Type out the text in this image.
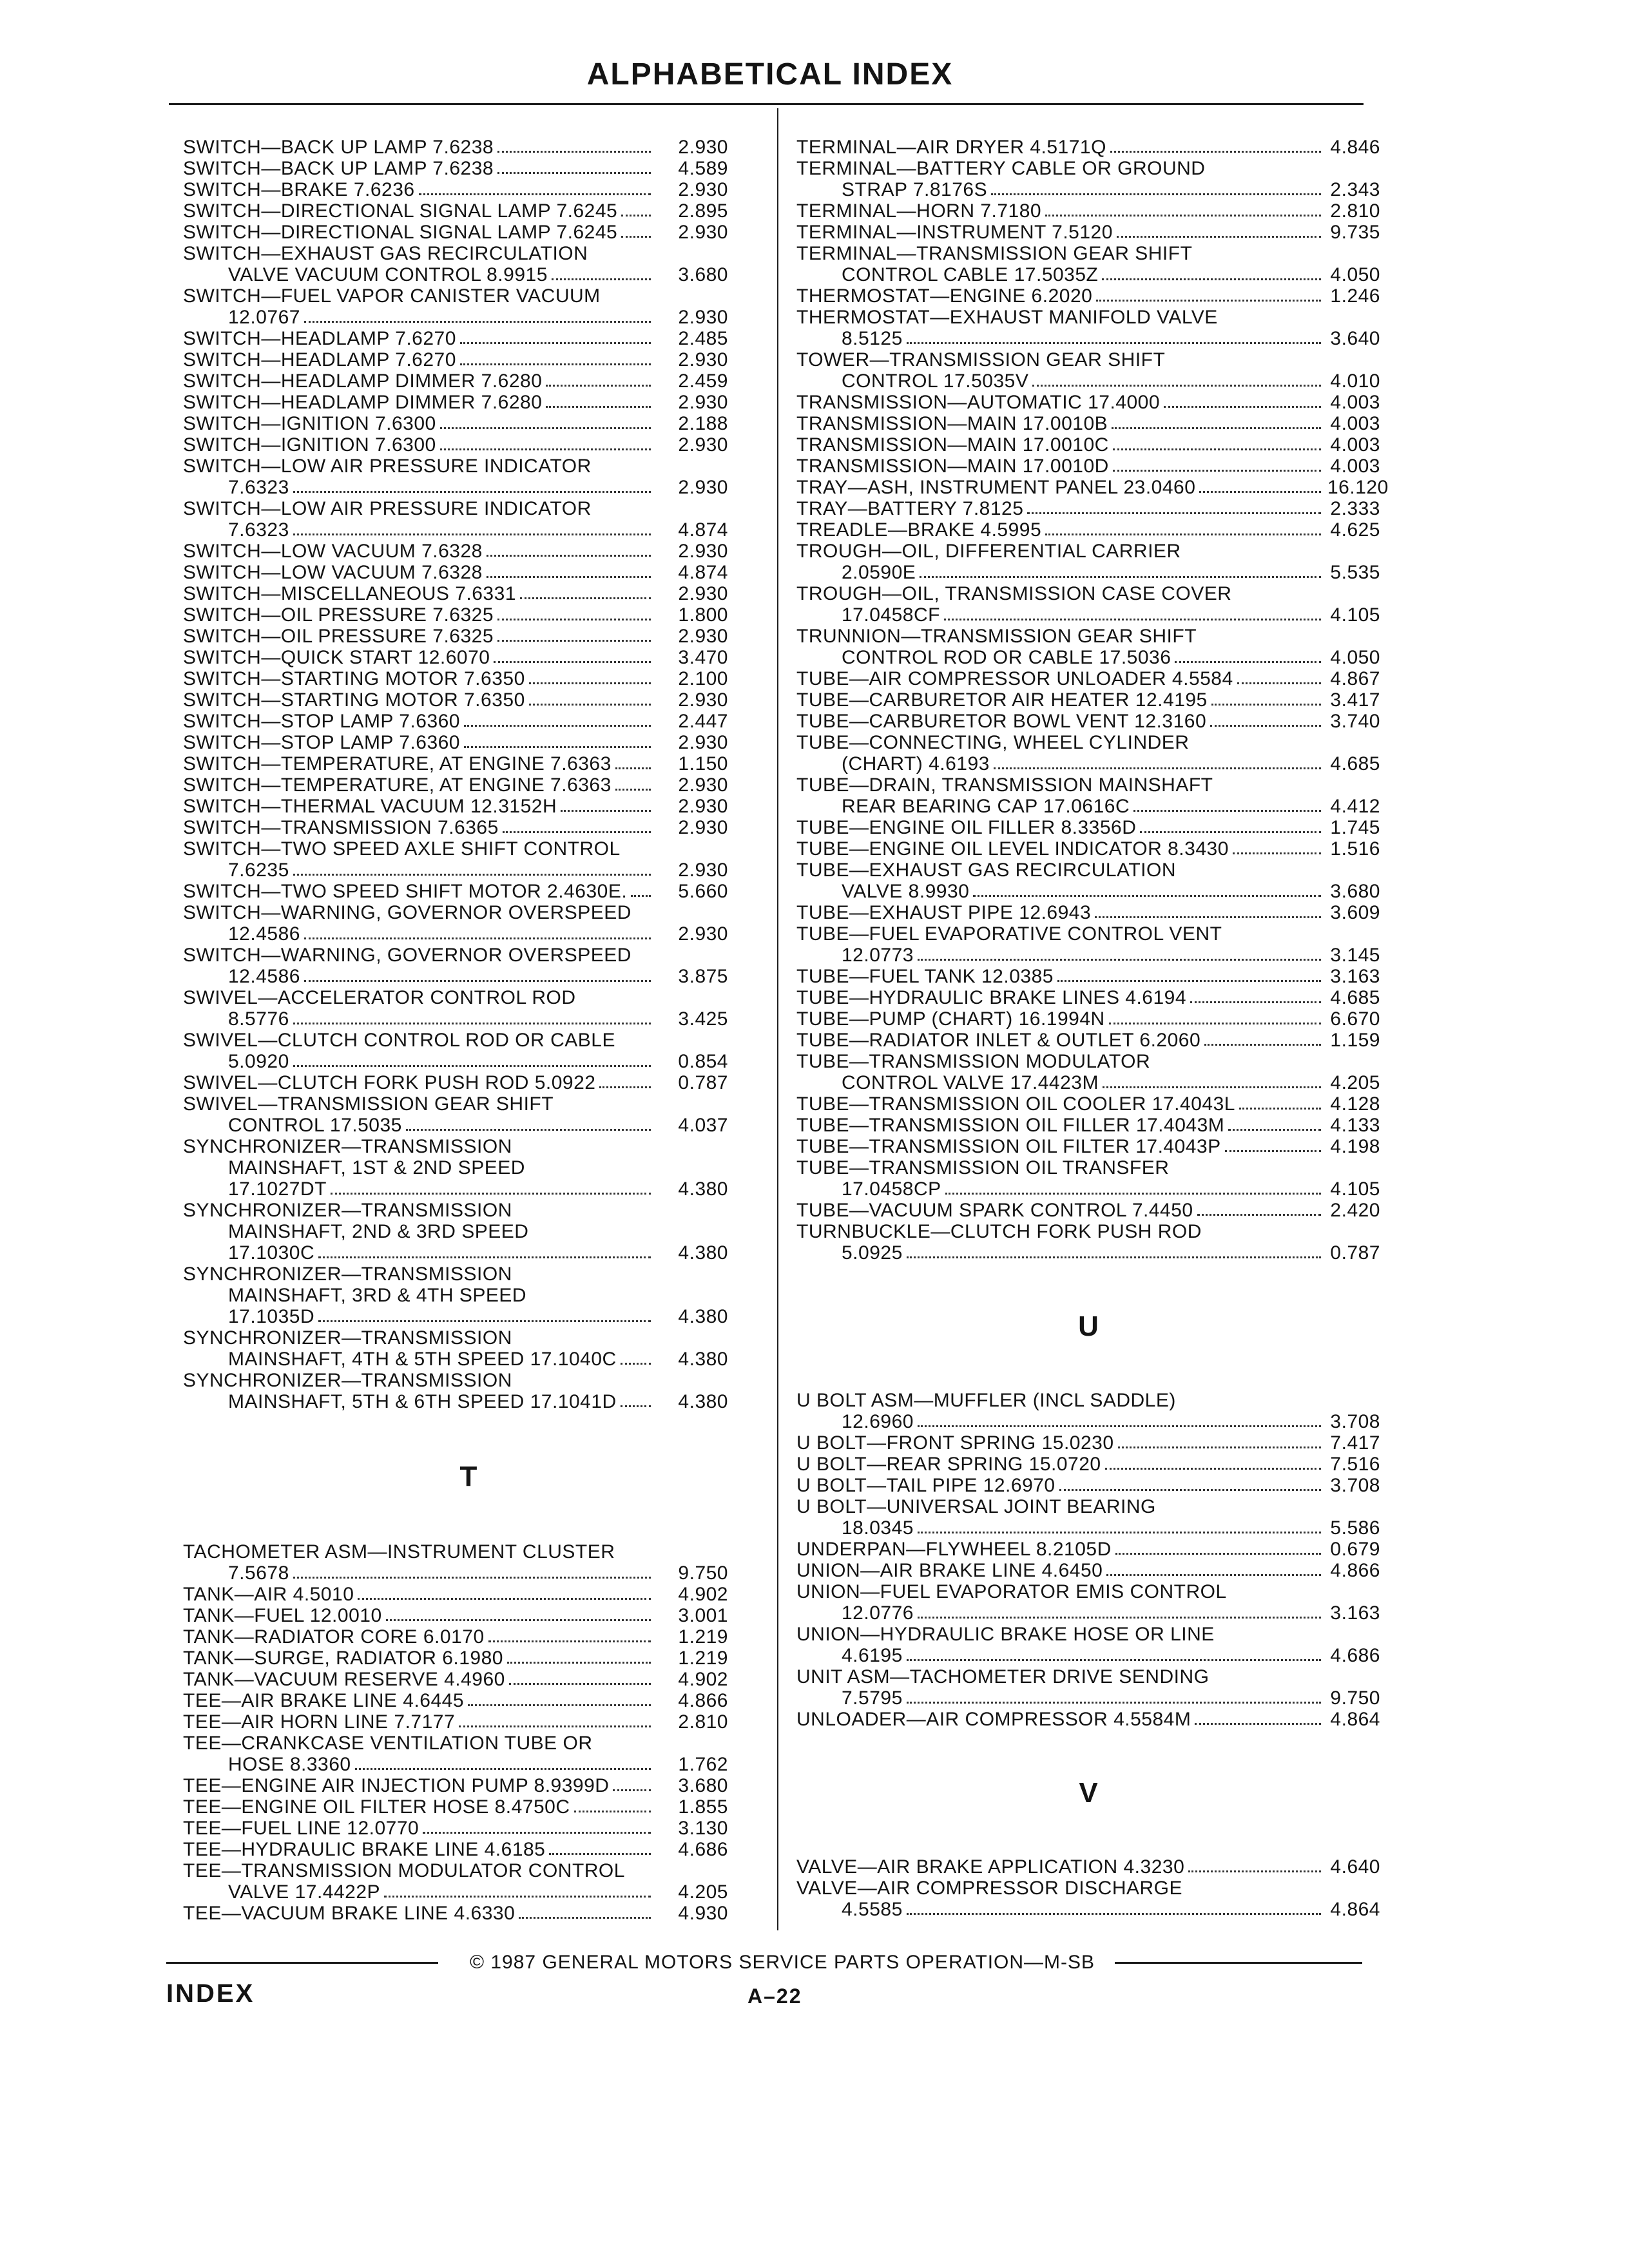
ALPHABETICAL INDEX
SWITCH—BACK UP LAMP 7.6238	2.930
SWITCH—BACK UP LAMP 7.6238	4.589
SWITCH—BRAKE 7.6236	2.930
SWITCH—DIRECTIONAL SIGNAL LAMP 7.6245	2.895
SWITCH—DIRECTIONAL SIGNAL LAMP 7.6245	2.930
SWITCH—EXHAUST GAS RECIRCULATION
VALVE VACUUM CONTROL 8.9915	3.680
SWITCH—FUEL VAPOR CANISTER VACUUM
12.0767	2.930
SWITCH—HEADLAMP 7.6270	2.485
SWITCH—HEADLAMP 7.6270	2.930
SWITCH—HEADLAMP DIMMER 7.6280	2.459
SWITCH—HEADLAMP DIMMER 7.6280	2.930
SWITCH—IGNITION 7.6300	2.188
SWITCH—IGNITION 7.6300	2.930
SWITCH—LOW AIR PRESSURE INDICATOR
7.6323	2.930
SWITCH—LOW AIR PRESSURE INDICATOR
7.6323	4.874
SWITCH—LOW VACUUM 7.6328	2.930
SWITCH—LOW VACUUM 7.6328	4.874
SWITCH—MISCELLANEOUS 7.6331	2.930
SWITCH—OIL PRESSURE 7.6325	1.800
SWITCH—OIL PRESSURE 7.6325	2.930
SWITCH—QUICK START 12.6070	3.470
SWITCH—STARTING MOTOR 7.6350	2.100
SWITCH—STARTING MOTOR 7.6350	2.930
SWITCH—STOP LAMP 7.6360	2.447
SWITCH—STOP LAMP 7.6360	2.930
SWITCH—TEMPERATURE, AT ENGINE 7.6363	1.150
SWITCH—TEMPERATURE, AT ENGINE 7.6363	2.930
SWITCH—THERMAL VACUUM 12.3152H	2.930
SWITCH—TRANSMISSION 7.6365	2.930
SWITCH—TWO SPEED AXLE SHIFT CONTROL
7.6235	2.930
SWITCH—TWO SPEED SHIFT MOTOR 2.4630E.	5.660
SWITCH—WARNING, GOVERNOR OVERSPEED
12.4586	2.930
SWITCH—WARNING, GOVERNOR OVERSPEED
12.4586	3.875
SWIVEL—ACCELERATOR CONTROL ROD
8.5776	3.425
SWIVEL—CLUTCH CONTROL ROD OR CABLE
5.0920	0.854
SWIVEL—CLUTCH FORK PUSH ROD 5.0922	0.787
SWIVEL—TRANSMISSION GEAR SHIFT
CONTROL 17.5035	4.037
SYNCHRONIZER—TRANSMISSION
MAINSHAFT, 1ST & 2ND SPEED
17.1027DT	4.380
SYNCHRONIZER—TRANSMISSION
MAINSHAFT, 2ND & 3RD SPEED
17.1030C	4.380
SYNCHRONIZER—TRANSMISSION
MAINSHAFT, 3RD & 4TH SPEED
17.1035D	4.380
SYNCHRONIZER—TRANSMISSION
MAINSHAFT, 4TH & 5TH SPEED 17.1040C	4.380
SYNCHRONIZER—TRANSMISSION
MAINSHAFT, 5TH & 6TH SPEED 17.1041D	4.380
T
TACHOMETER ASM—INSTRUMENT CLUSTER
7.5678	9.750
TANK—AIR 4.5010	4.902
TANK—FUEL 12.0010	3.001
TANK—RADIATOR CORE 6.0170	1.219
TANK—SURGE, RADIATOR 6.1980	1.219
TANK—VACUUM RESERVE 4.4960	4.902
TEE—AIR BRAKE LINE 4.6445	4.866
TEE—AIR HORN LINE 7.7177	2.810
TEE—CRANKCASE VENTILATION TUBE OR
HOSE 8.3360	1.762
TEE—ENGINE AIR INJECTION PUMP 8.9399D	3.680
TEE—ENGINE OIL FILTER HOSE 8.4750C	1.855
TEE—FUEL LINE 12.0770	3.130
TEE—HYDRAULIC BRAKE LINE 4.6185	4.686
TEE—TRANSMISSION MODULATOR CONTROL
VALVE 17.4422P	4.205
TEE—VACUUM BRAKE LINE 4.6330	4.930
TERMINAL—AIR DRYER 4.5171Q	4.846
TERMINAL—BATTERY CABLE OR GROUND
STRAP 7.8176S	2.343
TERMINAL—HORN 7.7180	2.810
TERMINAL—INSTRUMENT 7.5120	9.735
TERMINAL—TRANSMISSION GEAR SHIFT
CONTROL CABLE 17.5035Z	4.050
THERMOSTAT—ENGINE 6.2020	1.246
THERMOSTAT—EXHAUST MANIFOLD VALVE
8.5125	3.640
TOWER—TRANSMISSION GEAR SHIFT
CONTROL 17.5035V	4.010
TRANSMISSION—AUTOMATIC 17.4000	4.003
TRANSMISSION—MAIN 17.0010B	4.003
TRANSMISSION—MAIN 17.0010C	4.003
TRANSMISSION—MAIN 17.0010D	4.003
TRAY—ASH, INSTRUMENT PANEL 23.0460	16.120
TRAY—BATTERY 7.8125	2.333
TREADLE—BRAKE 4.5995	4.625
TROUGH—OIL, DIFFERENTIAL CARRIER
2.0590E	5.535
TROUGH—OIL, TRANSMISSION CASE COVER
17.0458CF	4.105
TRUNNION—TRANSMISSION GEAR SHIFT
CONTROL ROD OR CABLE 17.5036	4.050
TUBE—AIR COMPRESSOR UNLOADER 4.5584	4.867
TUBE—CARBURETOR AIR HEATER 12.4195	3.417
TUBE—CARBURETOR BOWL VENT 12.3160	3.740
TUBE—CONNECTING, WHEEL CYLINDER
(CHART) 4.6193	4.685
TUBE—DRAIN, TRANSMISSION MAINSHAFT
REAR BEARING CAP 17.0616C	4.412
TUBE—ENGINE OIL FILLER 8.3356D	1.745
TUBE—ENGINE OIL LEVEL INDICATOR 8.3430	1.516
TUBE—EXHAUST GAS RECIRCULATION
VALVE 8.9930	3.680
TUBE—EXHAUST PIPE 12.6943	3.609
TUBE—FUEL EVAPORATIVE CONTROL VENT
12.0773	3.145
TUBE—FUEL TANK 12.0385	3.163
TUBE—HYDRAULIC BRAKE LINES 4.6194	4.685
TUBE—PUMP (CHART) 16.1994N	6.670
TUBE—RADIATOR INLET & OUTLET 6.2060	1.159
TUBE—TRANSMISSION MODULATOR
CONTROL VALVE 17.4423M	4.205
TUBE—TRANSMISSION OIL COOLER 17.4043L	4.128
TUBE—TRANSMISSION OIL FILLER 17.4043M	4.133
TUBE—TRANSMISSION OIL FILTER 17.4043P	4.198
TUBE—TRANSMISSION OIL TRANSFER
17.0458CP	4.105
TUBE—VACUUM SPARK CONTROL 7.4450	2.420
TURNBUCKLE—CLUTCH FORK PUSH ROD
5.0925	0.787
U
U BOLT ASM—MUFFLER (INCL SADDLE)
12.6960	3.708
U BOLT—FRONT SPRING 15.0230	7.417
U BOLT—REAR SPRING 15.0720	7.516
U BOLT—TAIL PIPE 12.6970	3.708
U BOLT—UNIVERSAL JOINT BEARING
18.0345	5.586
UNDERPAN—FLYWHEEL 8.2105D	0.679
UNION—AIR BRAKE LINE 4.6450	4.866
UNION—FUEL EVAPORATOR EMIS CONTROL
12.0776	3.163
UNION—HYDRAULIC BRAKE HOSE OR LINE
4.6195	4.686
UNIT ASM—TACHOMETER DRIVE SENDING
7.5795	9.750
UNLOADER—AIR COMPRESSOR 4.5584M	4.864
V
VALVE—AIR BRAKE APPLICATION 4.3230	4.640
VALVE—AIR COMPRESSOR DISCHARGE
4.5585	4.864
© 1987 GENERAL MOTORS SERVICE PARTS OPERATION—M-SB
INDEX	A–22
